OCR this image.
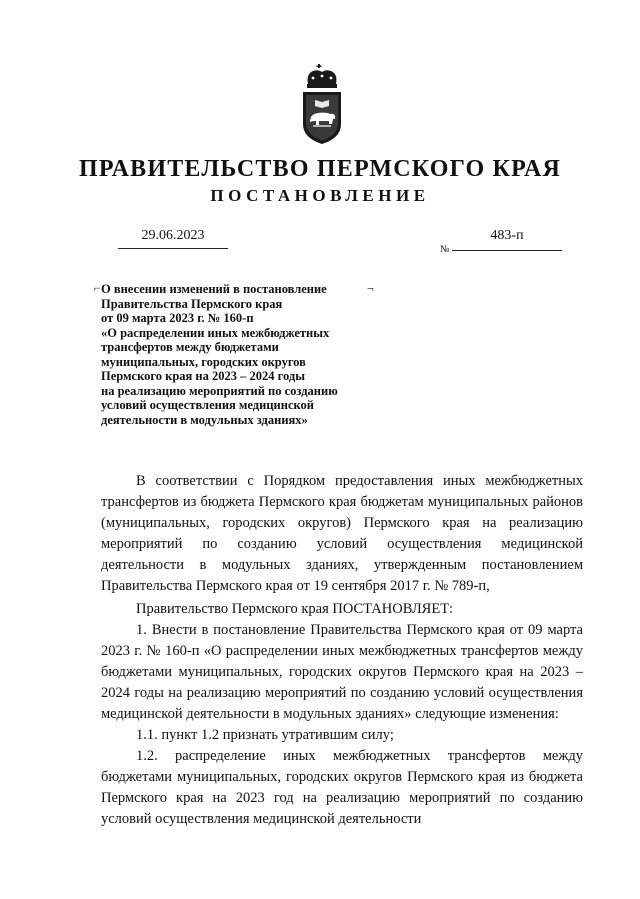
ПРАВИТЕЛЬСТВО ПЕРМСКОГО КРАЯ
ПОСТАНОВЛЕНИЕ
29.06.2023
№
483-п
⌐	¬
О внесении изменений в постановление
Правительства Пермского края
от 09 марта 2023 г. № 160-п
«О распределении иных межбюджетных
трансфертов между бюджетами
муниципальных, городских округов
Пермского края на 2023 – 2024 годы
на реализацию мероприятий по созданию
условий осуществления медицинской
деятельности в модульных зданиях»

В соответствии с Порядком предоставления иных межбюджетных трансфертов из бюджета Пермского края бюджетам муниципальных районов (муниципальных, городских округов) Пермского края на реализацию мероприятий по созданию условий осуществления медицинской деятельности в модульных зданиях, утвержденным постановлением Правительства Пермского края от 19 сентября 2017 г. № 789-п,

Правительство Пермского края ПОСТАНОВЛЯЕТ:

1. Внести в постановление Правительства Пермского края от 09 марта 2023 г. № 160-п «О распределении иных межбюджетных трансфертов между бюджетами муниципальных, городских округов Пермского края на 2023 – 2024 годы на реализацию мероприятий по созданию условий осуществления медицинской деятельности в модульных зданиях» следующие изменения:

1.1. пункт 1.2 признать утратившим силу;

1.2. распределение иных межбюджетных трансфертов между бюджетами муниципальных, городских округов Пермского края из бюджета Пермского края на 2023 год на реализацию мероприятий по созданию условий осуществления медицинской деятельности
